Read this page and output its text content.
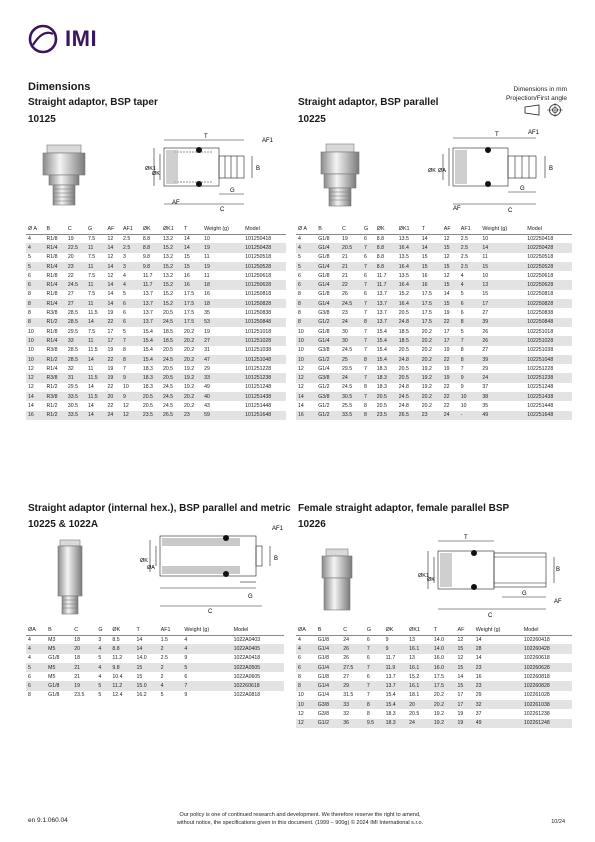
IMI
Dimensions	Dimensions in mm
Projection/First angle
Straight adaptor, BSP taper
10125
T
AF1
ØK1
ØK
B
AF
C
G
Ø A	B	C	G	AF	AF1	ØK	ØK1	T	Weight (g)	Model
4	R1/8	19	7.5	12	2.5	8.8	13.2	14	10	101250418
4	R1/4	22.5	11	14	2.5	8.8	15.2	14	19	101250428
5	R1/8	20	7.5	12	3	9.8	13.2	15	11	101250518
5	R1/4	23	11	14	3	9.8	15.2	15	19	101250528
6	R1/8	22	7.5	12	4	11.7	13.2	16	11	101250618
6	R1/4	24.5	11	14	4	11.7	15.2	16	18	101250628
8	R1/8	27	7.5	14	5	13.7	15.2	17.5	16	101250818
8	R1/4	27	11	14	6	13.7	15.2	17.5	18	101250828
8	R3/8	28.5	11.5	19	6	13.7	20.5	17.5	35	101250838
8	R1/2	28.5	14	22	6	13.7	24.5	17.5	53	101250848
10	R1/8	29.5	7.5	17	5	15.4	18.5	20.2	19	101251018
10	R1/4	33	11	17	7	15.4	18.5	20.2	27	101251028
10	R3/8	28.5	11.5	19	8	15.4	20.5	20.2	31	101251038
10	R1/2	28.5	14	22	8	15.4	24.5	20.2	47	101251048
12	R1/4	32	11	19	7	18.3	20.5	19.2	29	101251228
12	R3/8	31	11.5	19	9	18.3	20.5	19.2	33	101251238
12	R1/2	29.5	14	22	10	18.3	24.5	19.2	49	101251248
14	R3/8	33.5	11.5	20	9	20.5	24.5	20.2	40	101251438
14	R1/2	30.5	14	22	12	20.5	24.5	20.2	43	101251448
16	R1/2	33.5	14	24	12	23.5	26.5	23	59	101251648
Straight adaptor, BSP parallel
10225
T	AF1
ØK ØA	B
AF	C
G
Ø A	B	C	G	ØK	ØK1	T	AF	AF1	Weight (g)	Model
4	G1/8	19	6	8.8	13.5	14	12	2.5	10	102250418
4	G1/4	20.5	7	8.8	16.4	14	15	2.5	14	102250428
5	G1/8	21	6	8.8	13.5	15	12	2.5	11	102250518
5	G1/4	21	7	8.8	16.4	15	15	2.5	15	102250528
6	G1/8	21	6	11.7	13.5	16	12	4	10	102250618
6	G1/4	22	7	11.7	16.4	16	15	4	13	102250628
8	G1/8	26	6	13.7	15.2	17.5	14	5	15	102250818
8	G1/4	24.5	7	13.7	16.4	17.5	15	6	17	102250828
8	G3/8	23	7	13.7	20.5	17.5	19	6	27	102250838
8	G1/2	24	8	13.7	24.8	17.5	22	8	39	102250848
10	G1/8	30	7	15.4	18.5	20.2	17	5	26	102251018
10	G1/4	30	7	15.4	18.5	20.2	17	7	26	102251028
10	G3/8	24.5	7	15.4	20.5	20.2	19	8	27	102251038
10	G1/2	25	8	15.4	24.8	20.2	22	8	39	102251048
12	G1/4	29.5	7	18.3	20.5	19.2	19	7	29	102251228
12	G3/8	24	7	18.3	20.5	19.2	19	9	24	102251238
12	G1/2	24.5	8	18.3	24.8	19.2	22	9	37	102251248
14	G3/8	30.5	7	20.5	24.5	20.2	22	10	38	102251438
14	G1/2	25.5	8	20.5	24.8	20.2	22	10	35	102251448
16	G1/2	33.5	8	23.5	26.5	23	24	-	49	102251648
Straight adaptor (internal hex.), BSP parallel and metric
10225 & 1022A	AF1
ØK
ØA
B
G
C
ØA	B	C	G	ØK	T	AF1	Weight (g)	Model
4	M3	18	3	8.5	14	1.5	4	1022A0403
4	M5	20	4	8.8	14	2	4	1022A0405
4	G1/8	18	5	11.2	14.0	2.5	9	1022A0418
5	M5	21	4	9.8	15	2	5	1022A0505
6	M5	21	4	10.4	15	2	6	1022A0605
6	G1/8	19	5	11.2	15.0	4	7	102260618
8	G1/8	23.5	5	12.4	16.2	5	9	1022A0818
Female straight adaptor, female parallel BSP
10226
T
ØK1
ØK
B
AF
G
C
ØA	B	C	G	ØK	ØK1	T	AF	Weight (g)	Model
4	G1/8	24	6	9	13	14.0	12	14	102260418
4	G1/4	26	7	9	16.1	14.0	15	28	102260428
6	G1/8	26	6	11.7	13	16.0	12	14	102260618
6	G1/4	27.5	7	11.9	16.1	16.0	15	23	102260628
8	G1/8	27	6	13.7	15.2	17.5	14	16	102260818
8	G1/4	29	7	13.7	16.1	17.5	15	23	102260828
10	G1/4	31.5	7	15.4	18.1	20.2	17	29	102261028
10	G3/8	33	8	15.4	20	20.2	17	32	102261038
12	G3/8	32	8	18.3	20.5	19.2	19	37	102261238
12	G1/2	36	9.5	18.3	24	19.2	19	49	102261248
en 9.1.060.04
Our policy is one of continued research and development. We therefore reserve the right to amend,
without notice, the specifications given in this document. (1999 – 900g) © 2024 IMI International s.r.o.	10/24
